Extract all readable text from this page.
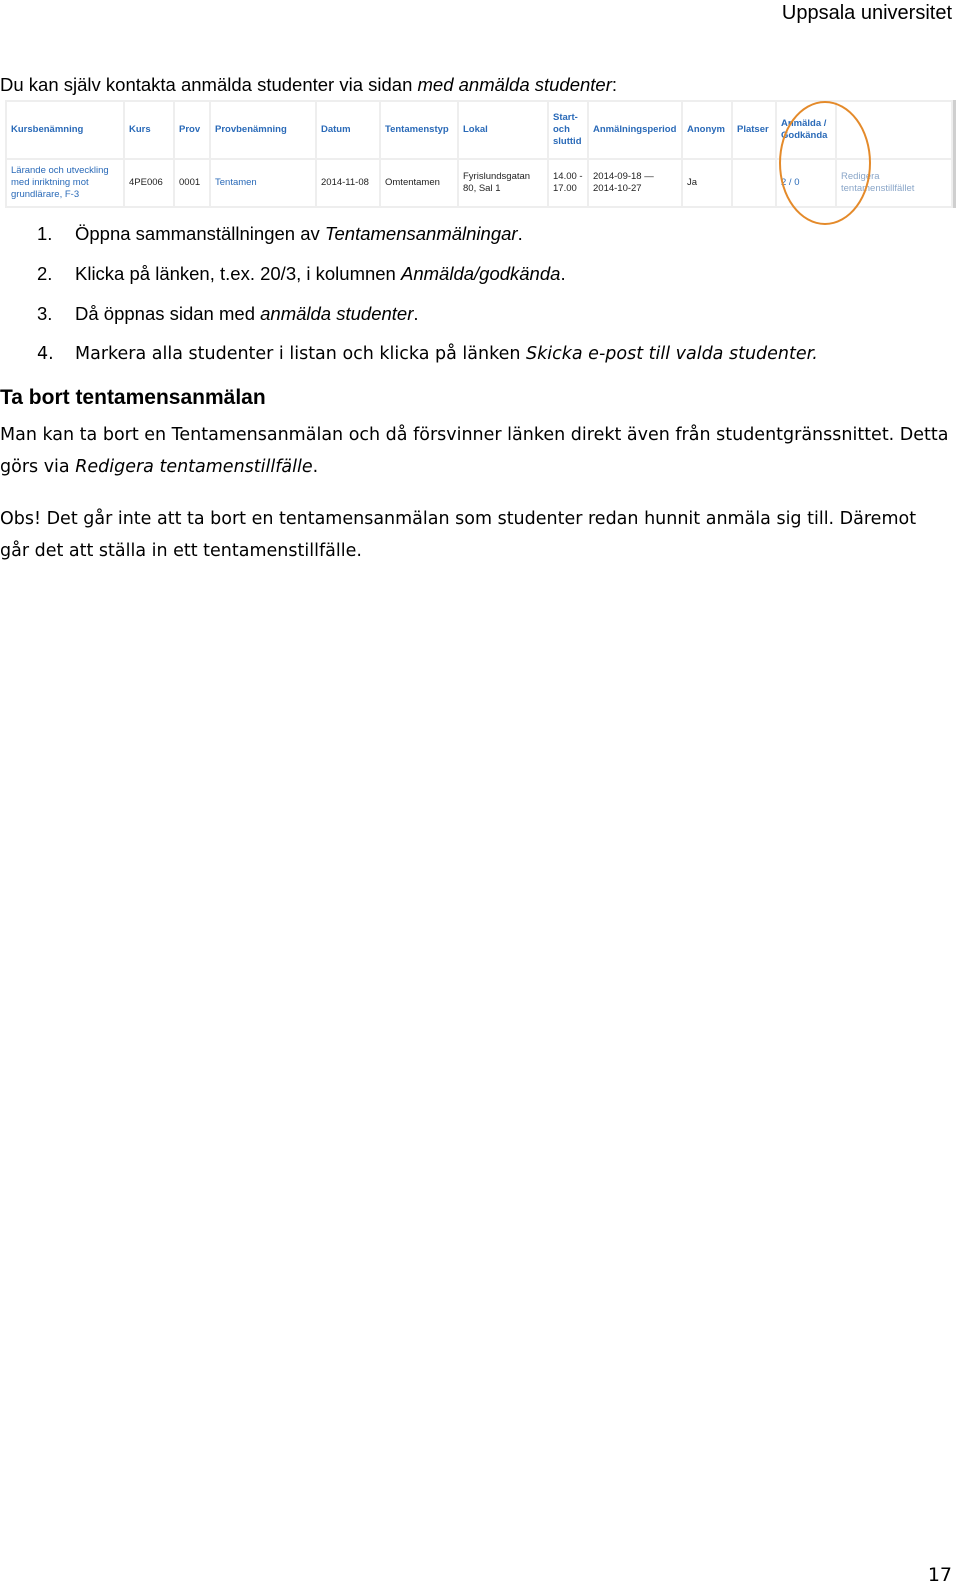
Uppsala universitet
Du kan själv kontakta anmälda studenter via sidan med anmälda studenter:
Kursbenämning	Kurs	Prov	Provbenämning	Datum	Tentamenstyp	Lokal	Start-och sluttid	Anmälningsperiod	Anonym	Platser	Anmälda / Godkända	
Lärande och utveckling med inriktning mot grundlärare, F-3	4PE006	0001	Tentamen	2014-11-08	Omtentamen	Fyrislundsgatan 80, Sal 1	14.00 - 17.00	2014-09-18 — 2014-10-27	Ja		2 / 0	Redigera tentamenstillfället
1.	Öppna sammanställningen av Tentamensanmälningar.
2.	Klicka på länken, t.ex. 20/3, i kolumnen Anmälda/godkända.
3.	Då öppnas sidan med anmälda studenter.
4.	Markera alla studenter i listan och klicka på länken Skicka e-post till valda studenter.
Ta bort tentamensanmälan
Man kan ta bort en Tentamensanmälan och då försvinner länken direkt även från studentgränssnittet. Detta görs via Redigera tentamenstillfälle.
Obs! Det går inte att ta bort en tentamensanmälan som studenter redan hunnit anmäla sig till. Däremot går det att ställa in ett tentamenstillfälle.
17
